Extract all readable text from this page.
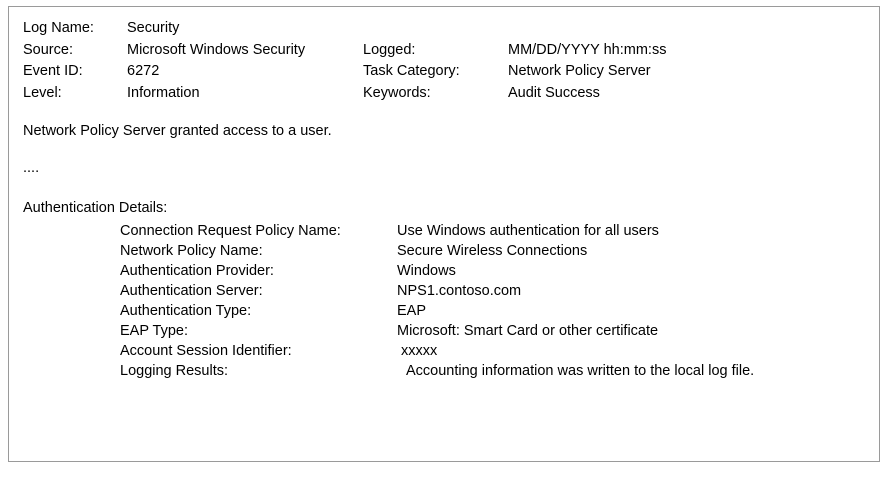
Log Name:	Security
Source:	Microsoft Windows Security	Logged:	MM/DD/YYYY hh:mm:ss
Event ID:	6272	Task Category:	Network Policy Server
Level:	Information	Keywords:	Audit Success
Network Policy Server granted access to a user.
....
Authentication Details:
Connection Request Policy Name:	Use Windows authentication for all users
Network Policy Name:	Secure Wireless Connections
Authentication Provider:	Windows
Authentication Server:	NPS1.contoso.com
Authentication Type:	EAP
EAP Type:	Microsoft: Smart Card or other certificate
Account Session Identifier:	xxxxx
Logging Results:	Accounting information was written to the local log file.
